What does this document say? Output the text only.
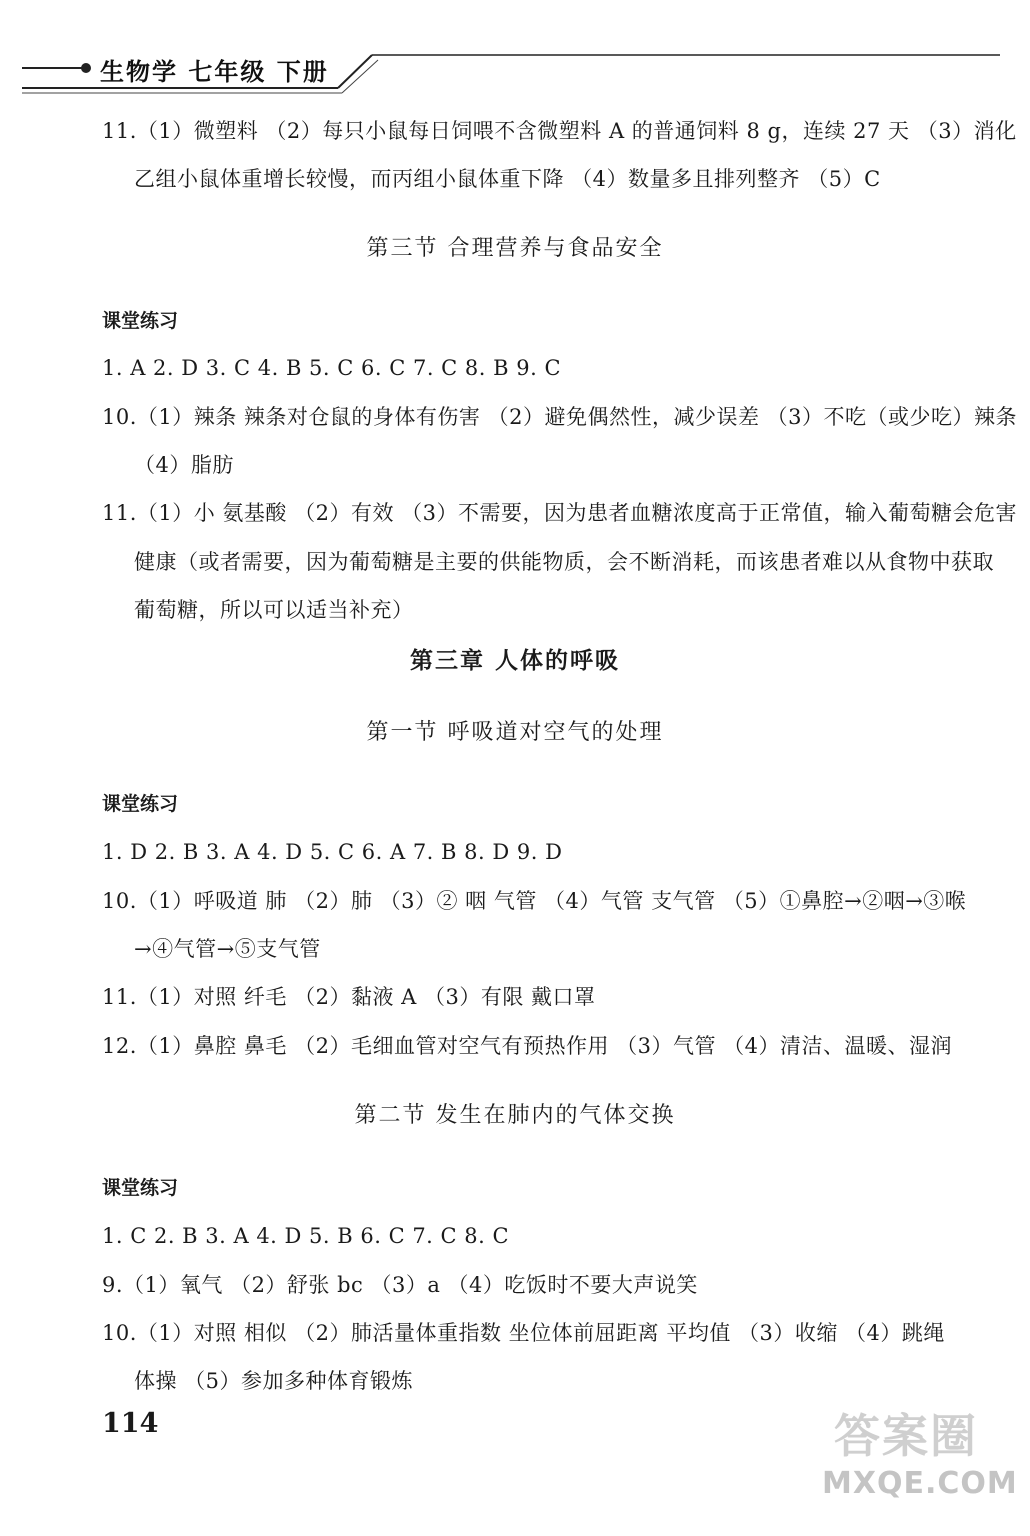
生物学 七年级 下册
11.（1）微塑料 （2）每只小鼠每日饲喂不含微塑料 A 的普通饲料 8 g，连续 27 天 （3）消化
乙组小鼠体重增长较慢，而丙组小鼠体重下降 （4）数量多且排列整齐 （5）C
第三节 合理营养与食品安全
课堂练习
1. A 2. D 3. C 4. B 5. C 6. C 7. C 8. B 9. C
10.（1）辣条 辣条对仓鼠的身体有伤害 （2）避免偶然性，减少误差 （3）不吃（或少吃）辣条
（4）脂肪
11.（1）小 氨基酸 （2）有效 （3）不需要，因为患者血糖浓度高于正常值，输入葡萄糖会危害
健康（或者需要，因为葡萄糖是主要的供能物质，会不断消耗，而该患者难以从食物中获取
葡萄糖，所以可以适当补充）
第三章 人体的呼吸
第一节 呼吸道对空气的处理
课堂练习
1. D 2. B 3. A 4. D 5. C 6. A 7. B 8. D 9. D
10.（1）呼吸道 肺 （2）肺 （3）② 咽 气管 （4）气管 支气管 （5）①鼻腔→②咽→③喉
→④气管→⑤支气管
11.（1）对照 纤毛 （2）黏液 A （3）有限 戴口罩
12.（1）鼻腔 鼻毛 （2）毛细血管对空气有预热作用 （3）气管 （4）清洁、温暖、湿润
第二节 发生在肺内的气体交换
课堂练习
1. C 2. B 3. A 4. D 5. B 6. C 7. C 8. C
9.（1）氧气 （2）舒张 bc （3）a （4）吃饭时不要大声说笑
10.（1）对照 相似 （2）肺活量体重指数 坐位体前屈距离 平均值 （3）收缩 （4）跳绳
体操 （5）参加多种体育锻炼
114	答案圈
MXQE.COM
